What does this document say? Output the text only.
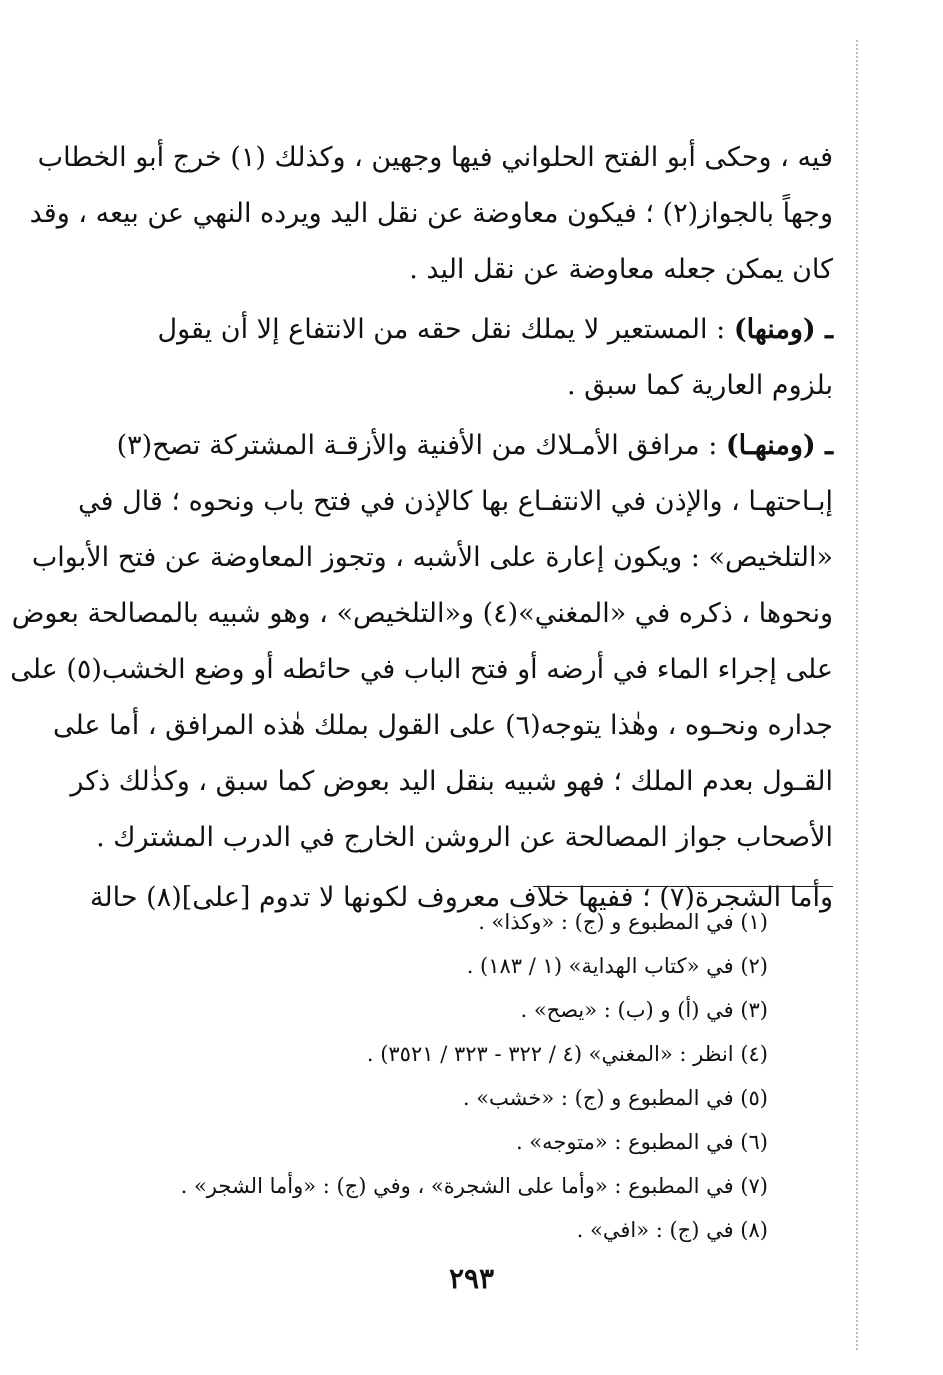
فيه ، وحكى أبو الفتح الحلواني فيها وجهين ، وكذلك (١) خرج أبو الخطاب
وجهاً بالجواز(٢) ؛ فيكون معاوضة عن نقل اليد ويرده النهي عن بيعه ، وقد
كان يمكن جعله معاوضة عن نقل اليد .
ـ (ومنها) : المستعير لا يملك نقل حقه من الانتفاع إلا أن يقول
بلزوم العارية كما سبق .
ـ (ومنهـا) : مرافق الأمـلاك من الأفنية والأزقـة المشتركة تصح(٣)
إبـاحتهـا ، والإذن في الانتفـاع بها كالإذن في فتح باب ونحوه ؛ قال في
«التلخيص» : ويكون إعارة على الأشبه ، وتجوز المعاوضة عن فتح الأبواب
ونحوها ، ذكره في «المغني»(٤) و«التلخيص» ، وهو شبيه بالمصالحة بعوض
على إجراء الماء في أرضه أو فتح الباب في حائطه أو وضع الخشب(٥) على
جداره ونحـوه ، وهٰذا يتوجه(٦) على القول بملك هٰذه المرافق ، أما على
القـول بعدم الملك ؛ فهو شبيه بنقل اليد بعوض كما سبق ، وكذٰلك ذكر
الأصحاب جواز المصالحة عن الروشن الخارج في الدرب المشترك .
وأما الشجرة(٧) ؛ ففيها خلاف معروف لكونها لا تدوم [على](٨) حالة
(١) في المطبوع و (ج) : «وكذا» .
(٢) في «كتاب الهداية» (١ / ١٨٣) .
(٣) في (أ) و (ب) : «يصح» .
(٤) انظر : «المغني» (٤ / ٣٢٢ - ٣٢٣ / ٣٥٢١) .
(٥) في المطبوع و (ج) : «خشب» .
(٦) في المطبوع : «متوجه» .
(٧) في المطبوع : «وأما على الشجرة» ، وفي (ج) : «وأما الشجر» .
(٨) في (ج) : «افي» .
٢٩٣
